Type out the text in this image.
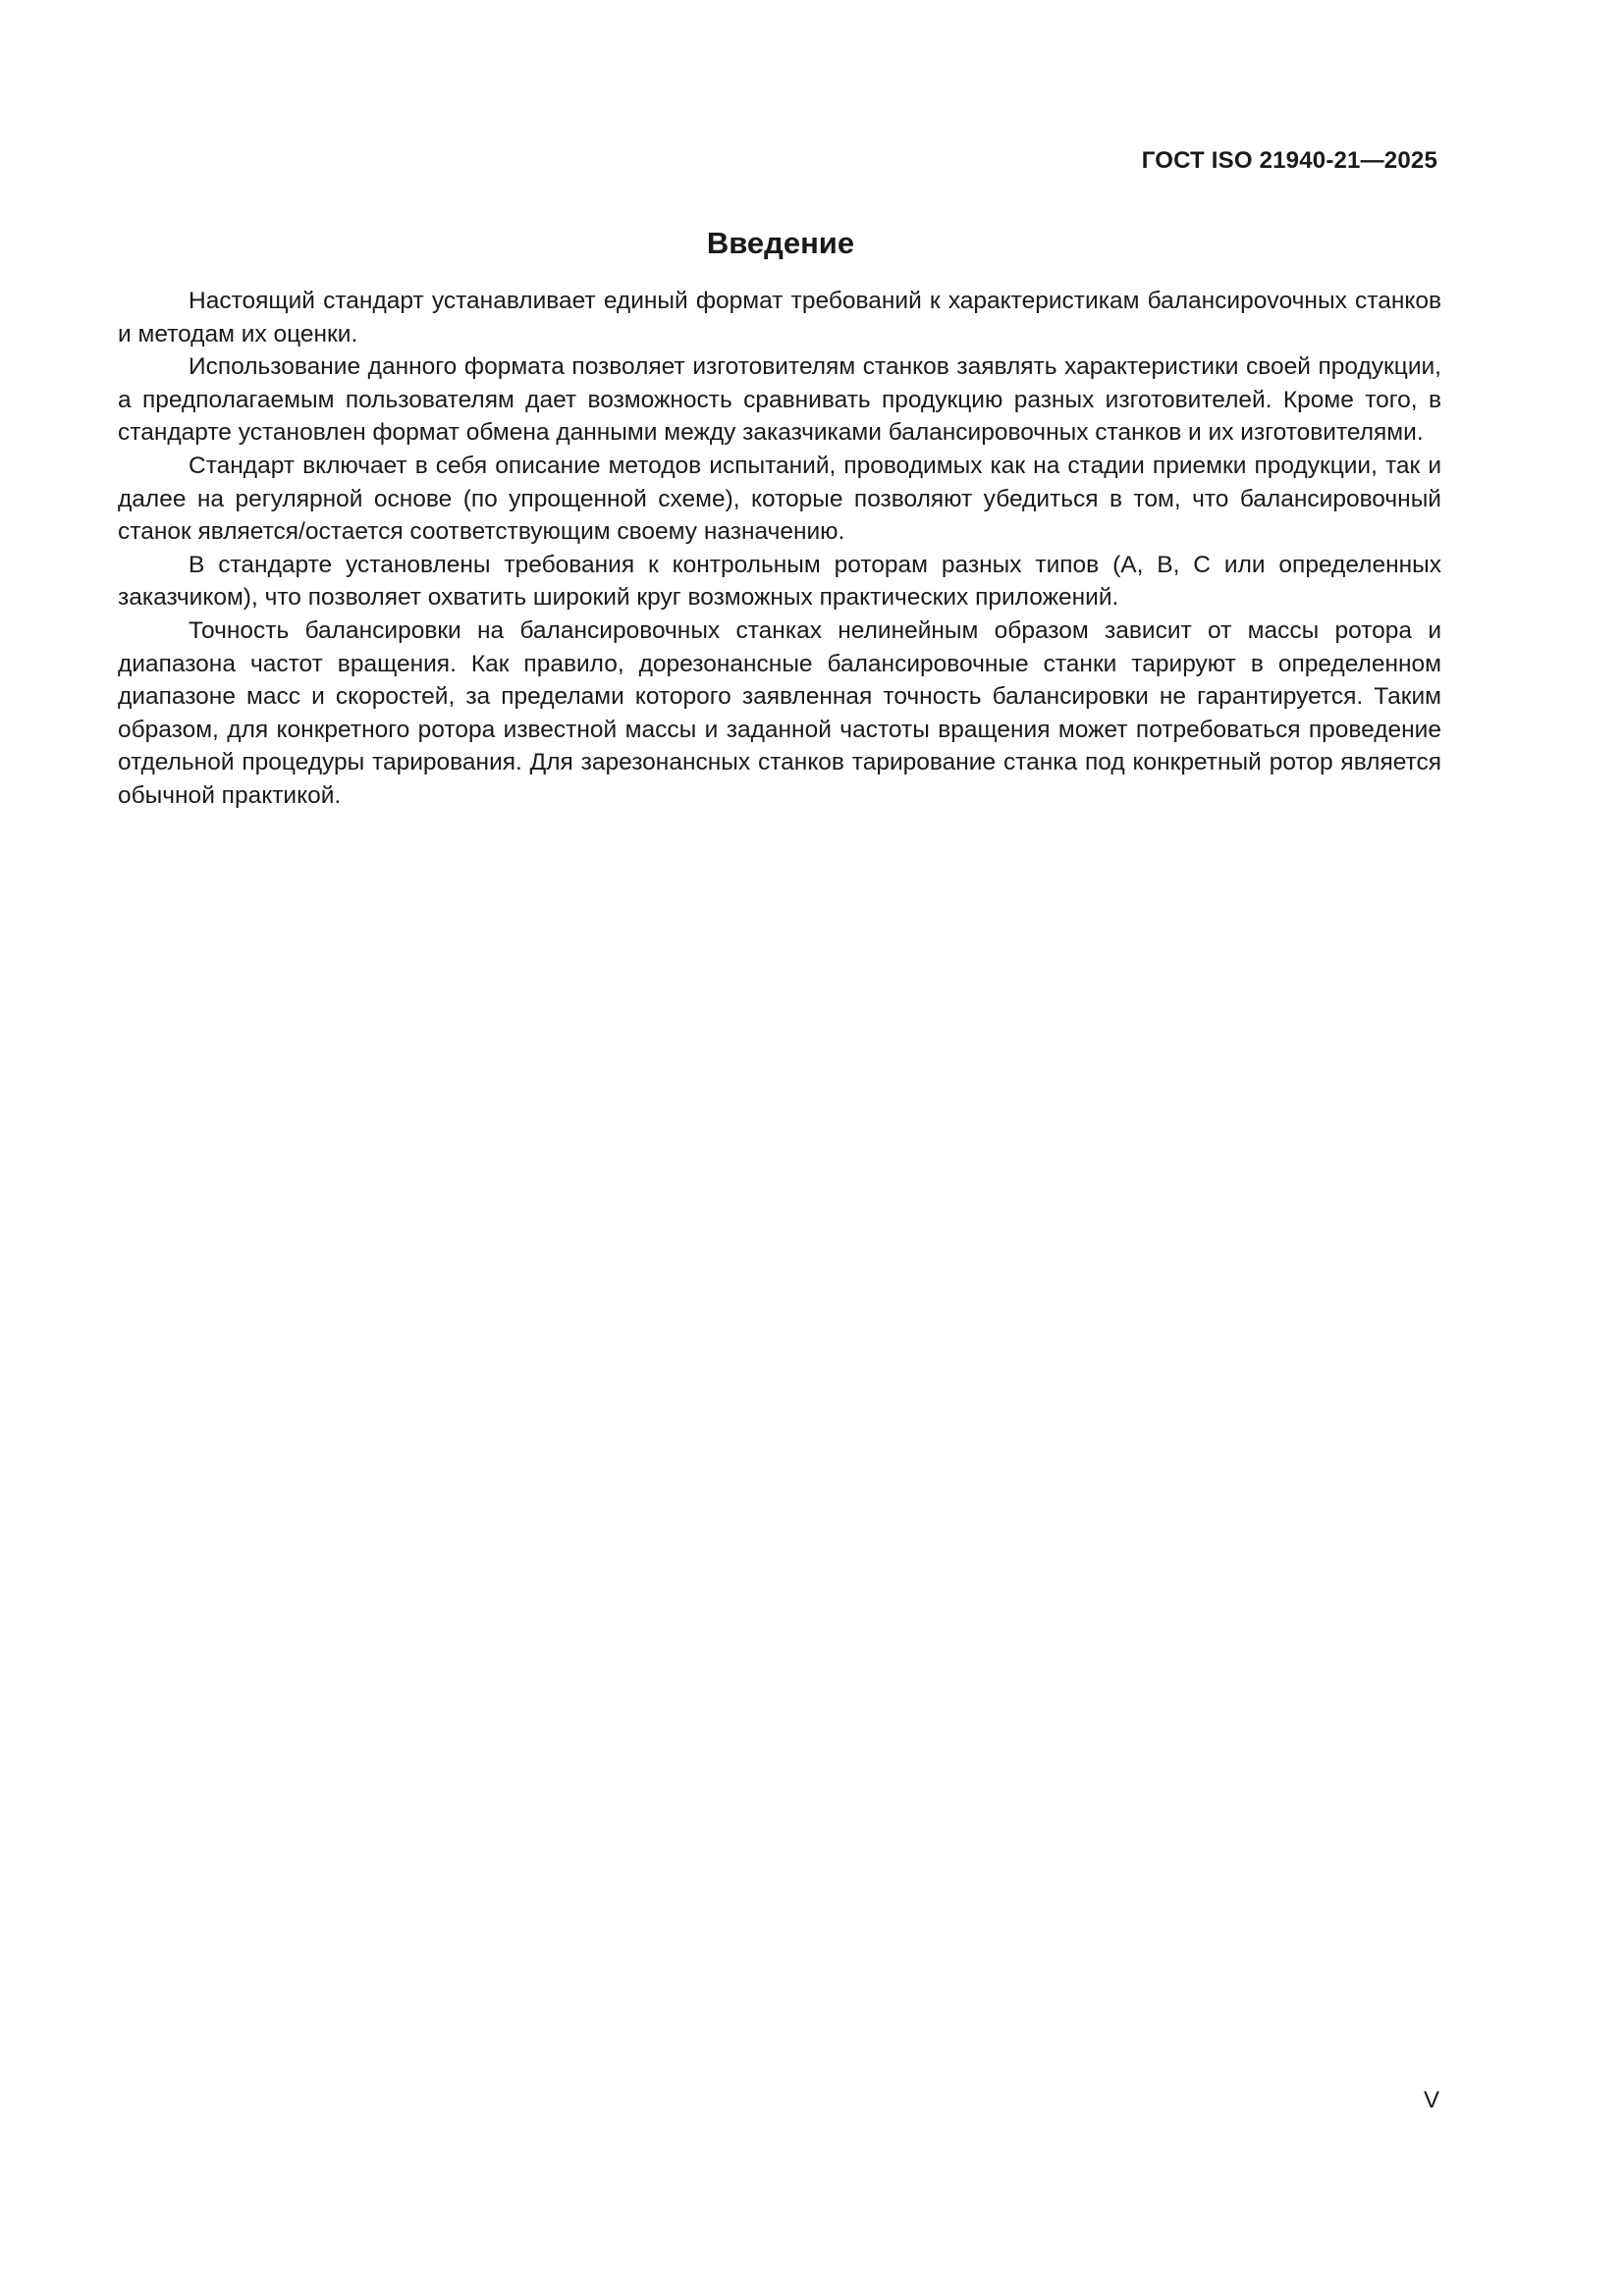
ГОСТ ISO 21940-21—2025
Введение

Настоящий стандарт устанавливает единый формат требований к характеристикам балансироvочных станков и методам их оценки.

Использование данного формата позволяет изготовителям станков заявлять характеристики своей продукции, а предполагаемым пользователям дает возможность сравнивать продукцию разных изготовителей. Кроме того, в стандарте установлен формат обмена данными между заказчиками балансировочных станков и их изготовителями.

Стандарт включает в себя описание методов испытаний, проводимых как на стадии приемки продукции, так и далее на регулярной основе (по упрощенной схеме), которые позволяют убедиться в том, что балансировочный станок является/остается соответствующим своему назначению.

В стандарте установлены требования к контрольным роторам разных типов (А, В, С или определенных заказчиком), что позволяет охватить широкий круг возможных практических приложений.

Точность балансировки на балансировочных станках нелинейным образом зависит от массы ротора и диапазона частот вращения. Как правило, дорезонансные балансировочные станки тарируют в определенном диапазоне масс и скоростей, за пределами которого заявленная точность балансировки не гарантируется. Таким образом, для конкретного ротора известной массы и заданной частоты вращения может потребоваться проведение отдельной процедуры тарирования. Для зарезонансных станков тарирование станка под конкретный ротор является обычной практикой.

V
